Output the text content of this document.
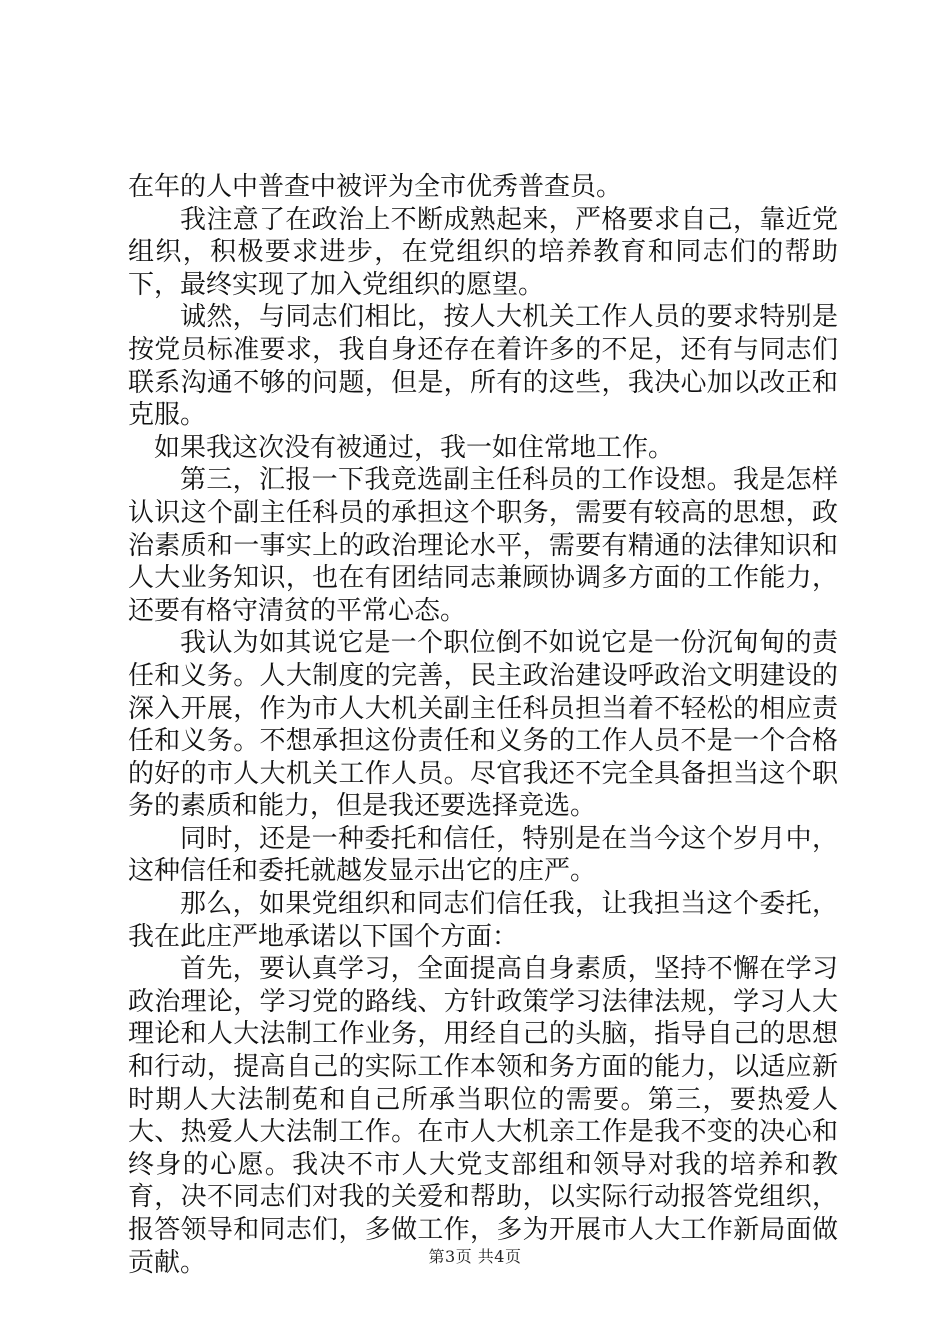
在年的人中普查中被评为全市优秀普查员。

我注意了在政治上不断成熟起来，严格要求自己，靠近党组织，积极要求进步，在党组织的培养教育和同志们的帮助下，最终实现了加入党组织的愿望。

诚然，与同志们相比，按人大机关工作人员的要求特别是按党员标准要求，我自身还存在着许多的不足，还有与同志们联系沟通不够的问题，但是，所有的这些，我决心加以改正和克服。

如果我这次没有被通过，我一如住常地工作。

第三，汇报一下我竞选副主任科员的工作设想。我是怎样认识这个副主任科员的承担这个职务，需要有较高的思想，政治素质和一事实上的政治理论水平，需要有精通的法律知识和人大业务知识，也在有团结同志兼顾协调多方面的工作能力，还要有格守清贫的平常心态。

我认为如其说它是一个职位倒不如说它是一份沉甸甸的责任和义务。人大制度的完善，民主政治建设呼政治文明建设的深入开展，作为市人大机关副主任科员担当着不轻松的相应责任和义务。不想承担这份责任和义务的工作人员不是一个合格的好的市人大机关工作人员。尽官我还不完全具备担当这个职务的素质和能力，但是我还要选择竞选。

同时，还是一种委托和信任，特别是在当今这个岁月中，这种信任和委托就越发显示出它的庄严。

那么，如果党组织和同志们信任我，让我担当这个委托，我在此庄严地承诺以下国个方面：

首先，要认真学习，全面提高自身素质，坚持不懈在学习政治理论，学习党的路线、方针政策学习法律法规，学习人大理论和人大法制工作业务，用经自己的头脑，指导自己的思想和行动，提高自己的实际工作本领和务方面的能力，以适应新时期人大法制莬和自己所承当职位的需要。第三，要热爱人大、热爱人大法制工作。在市人大机亲工作是我不变的决心和终身的心愿。我决不市人大党支部组和领导对我的培养和教育，决不同志们对我的关爱和帮助，以实际行动报答党组织，报答领导和同志们，多做工作，多为开展市人大工作新局面做贡献。	第3页 共4页
